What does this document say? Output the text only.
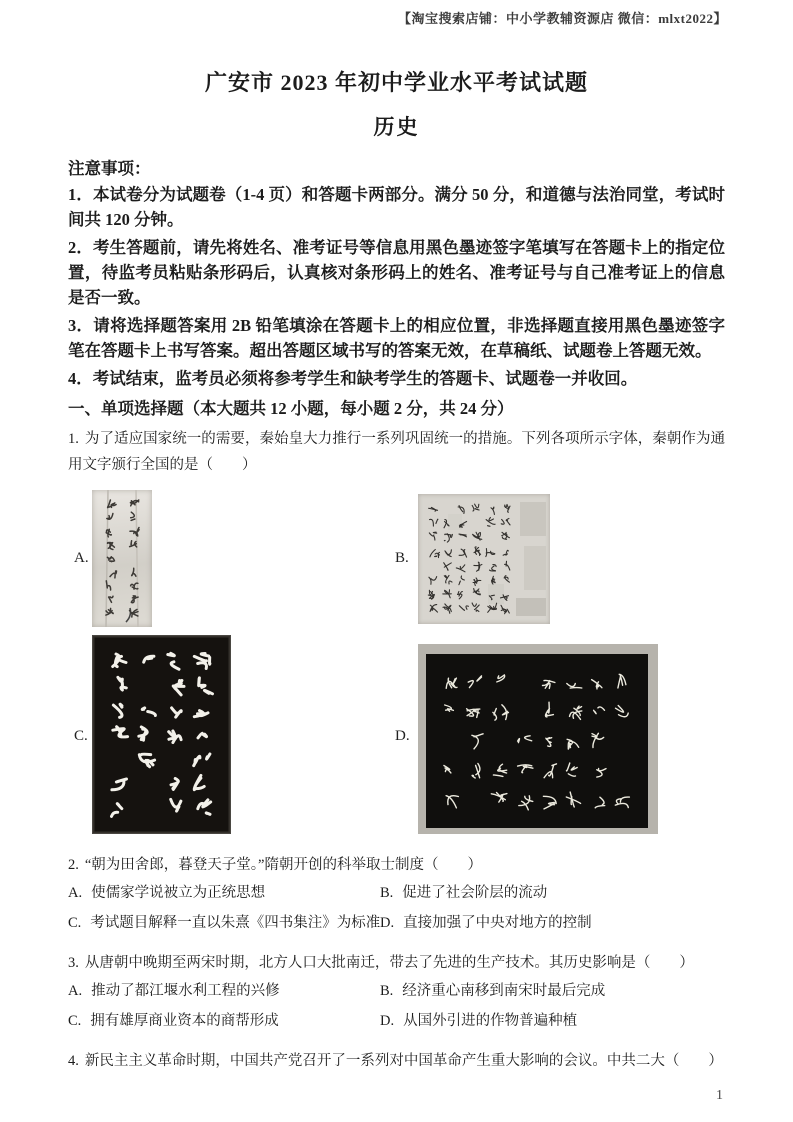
【淘宝搜索店铺：中小学教辅资源店 微信：mlxt2022】
广安市 2023 年初中学业水平考试试题
历史
注意事项：

1．本试卷分为试题卷（1-4 页）和答题卡两部分。满分 50 分，和道德与法治同堂，考试时间共 120 分钟。

2．考生答题前，请先将姓名、准考证号等信息用黑色墨迹签字笔填写在答题卡上的指定位置，待监考员粘贴条形码后，认真核对条形码上的姓名、准考证号与自己准考证上的信息是否一致。

3．请将选择题答案用 2B 铅笔填涂在答题卡上的相应位置，非选择题直接用黑色墨迹签字笔在答题卡上书写答案。超出答题区域书写的答案无效，在草稿纸、试题卷上答题无效。

4．考试结束，监考员必须将参考学生和缺考学生的答题卡、试题卷一并收回。

一、单项选择题（本大题共 12 小题，每小题 2 分，共 24 分）

1. 为了适应国家统一的需要，秦始皇大力推行一系列巩固统一的措施。下列各项所示字体，秦朝作为通用文字颁行全国的是（　　）

A.	B.
C.	D.

2. “朝为田舍郎，暮登天子堂。”隋朝开创的科举取士制度（　　）

A. 使儒家学说被立为正统思想	B. 促进了社会阶层的流动
C. 考试题目解释一直以朱熹《四书集注》为标准 D. 直接加强了中央对地方的控制

3. 从唐朝中晚期至两宋时期，北方人口大批南迁，带去了先进的生产技术。其历史影响是（　　）

A. 推动了都江堰水利工程的兴修	B. 经济重心南移到南宋时最后完成
C. 拥有雄厚商业资本的商帮形成	D. 从国外引进的作物普遍种植

4. 新民主主义革命时期，中国共产党召开了一系列对中国革命产生重大影响的会议。中共二大（　　）

1
